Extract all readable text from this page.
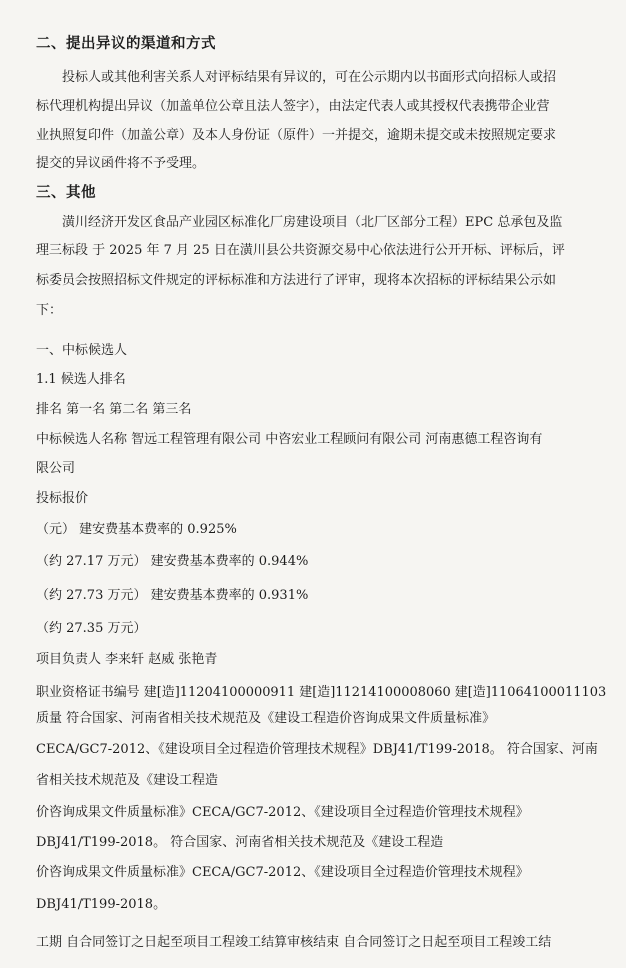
二、提出异议的渠道和方式
投标人或其他利害关系人对评标结果有异议的，可在公示期内以书面形式向招标人或招
标代理机构提出异议（加盖单位公章且法人签字），由法定代表人或其授权代表携带企业营
业执照复印件（加盖公章）及本人身份证（原件）一并提交，逾期未提交或未按照规定要求
提交的异议函件将不予受理。
三、其他
潢川经济开发区食品产业园区标准化厂房建设项目（北厂区部分工程）EPC 总承包及监
理三标段 于 2025 年 7 月 25 日在潢川县公共资源交易中心依法进行公开开标、评标后，评
标委员会按照招标文件规定的评标标准和方法进行了评审，现将本次招标的评标结果公示如
下：
一、中标候选人
1.1 候选人排名
排名 第一名 第二名 第三名
中标候选人名称 智远工程管理有限公司 中咨宏业工程顾问有限公司 河南惠德工程咨询有
限公司
投标报价
（元） 建安费基本费率的 0.925%
（约 27.17 万元） 建安费基本费率的 0.944%
（约 27.73 万元） 建安费基本费率的 0.931%
（约 27.35 万元）
项目负责人 李来轩 赵威 张艳青
职业资格证书编号 建[造]11204100000911 建[造]11214100008060 建[造]11064100011103
质量 符合国家、河南省相关技术规范及《建设工程造价咨询成果文件质量标准》
CECA/GC7-2012、《建设项目全过程造价管理技术规程》DBJ41/T199-2018。 符合国家、河南
省相关技术规范及《建设工程造
价咨询成果文件质量标准》CECA/GC7-2012、《建设项目全过程造价管理技术规程》
DBJ41/T199-2018。 符合国家、河南省相关技术规范及《建设工程造
价咨询成果文件质量标准》CECA/GC7-2012、《建设项目全过程造价管理技术规程》
DBJ41/T199-2018。
工期 自合同签订之日起至项目工程竣工结算审核结束 自合同签订之日起至项目工程竣工结
